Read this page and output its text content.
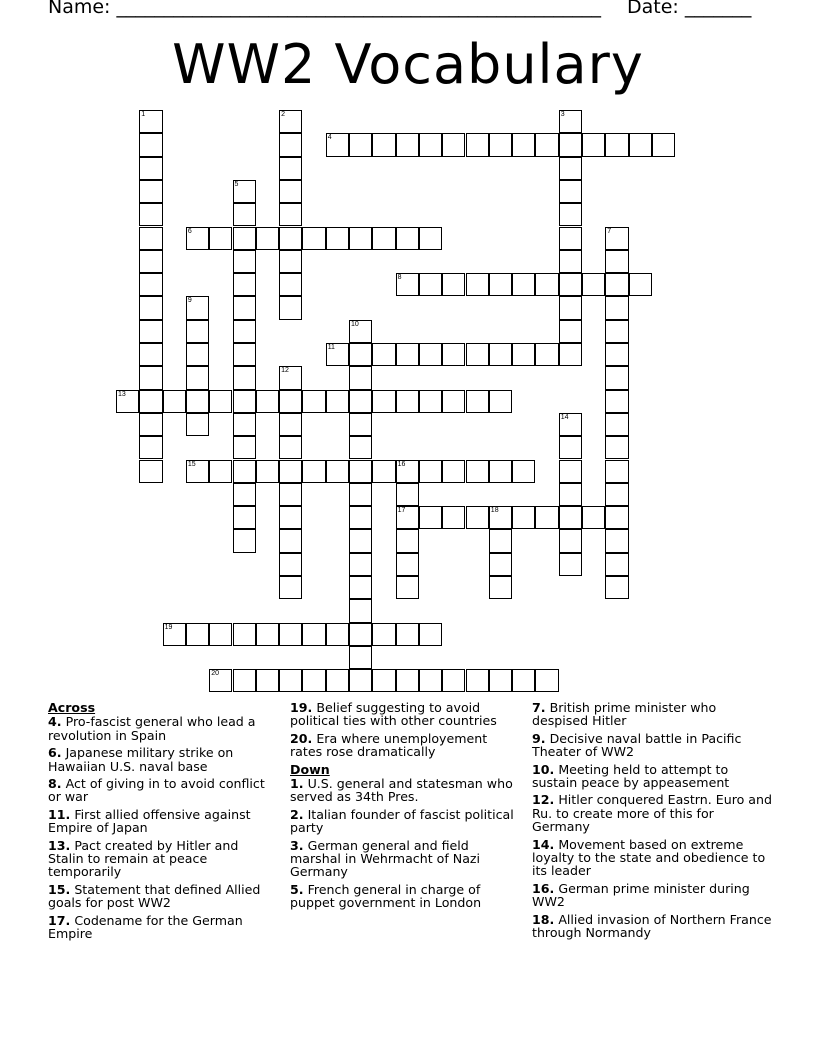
Name: ___________________________________________________ Date: _______
WW2 Vocabulary
1	2	3
4
5
6	7
8
9
10
11
12
13
14
15	16
17	18
19
20
Across
4. Pro-fascist general who lead a revolution in Spain
6. Japanese military strike on Hawaiian U.S. naval base
8. Act of giving in to avoid conflict or war
11. First allied offensive against Empire of Japan
13. Pact created by Hitler and Stalin to remain at peace temporarily
15. Statement that defined Allied goals for post WW2
17. Codename for the German Empire
19. Belief suggesting to avoid political ties with other countries
20. Era where unemployement rates rose dramatically
Down
1. U.S. general and statesman who served as 34th Pres.
2. Italian founder of fascist political party
3. German general and field marshal in Wehrmacht of Nazi Germany
5. French general in charge of puppet government in London
7. British prime minister who despised Hitler
9. Decisive naval battle in Pacific Theater of WW2
10. Meeting held to attempt to sustain peace by appeasement
12. Hitler conquered Eastrn. Euro and Ru. to create more of this for Germany
14. Movement based on extreme loyalty to the state and obedience to its leader
16. German prime minister during WW2
18. Allied invasion of Northern France through Normandy
